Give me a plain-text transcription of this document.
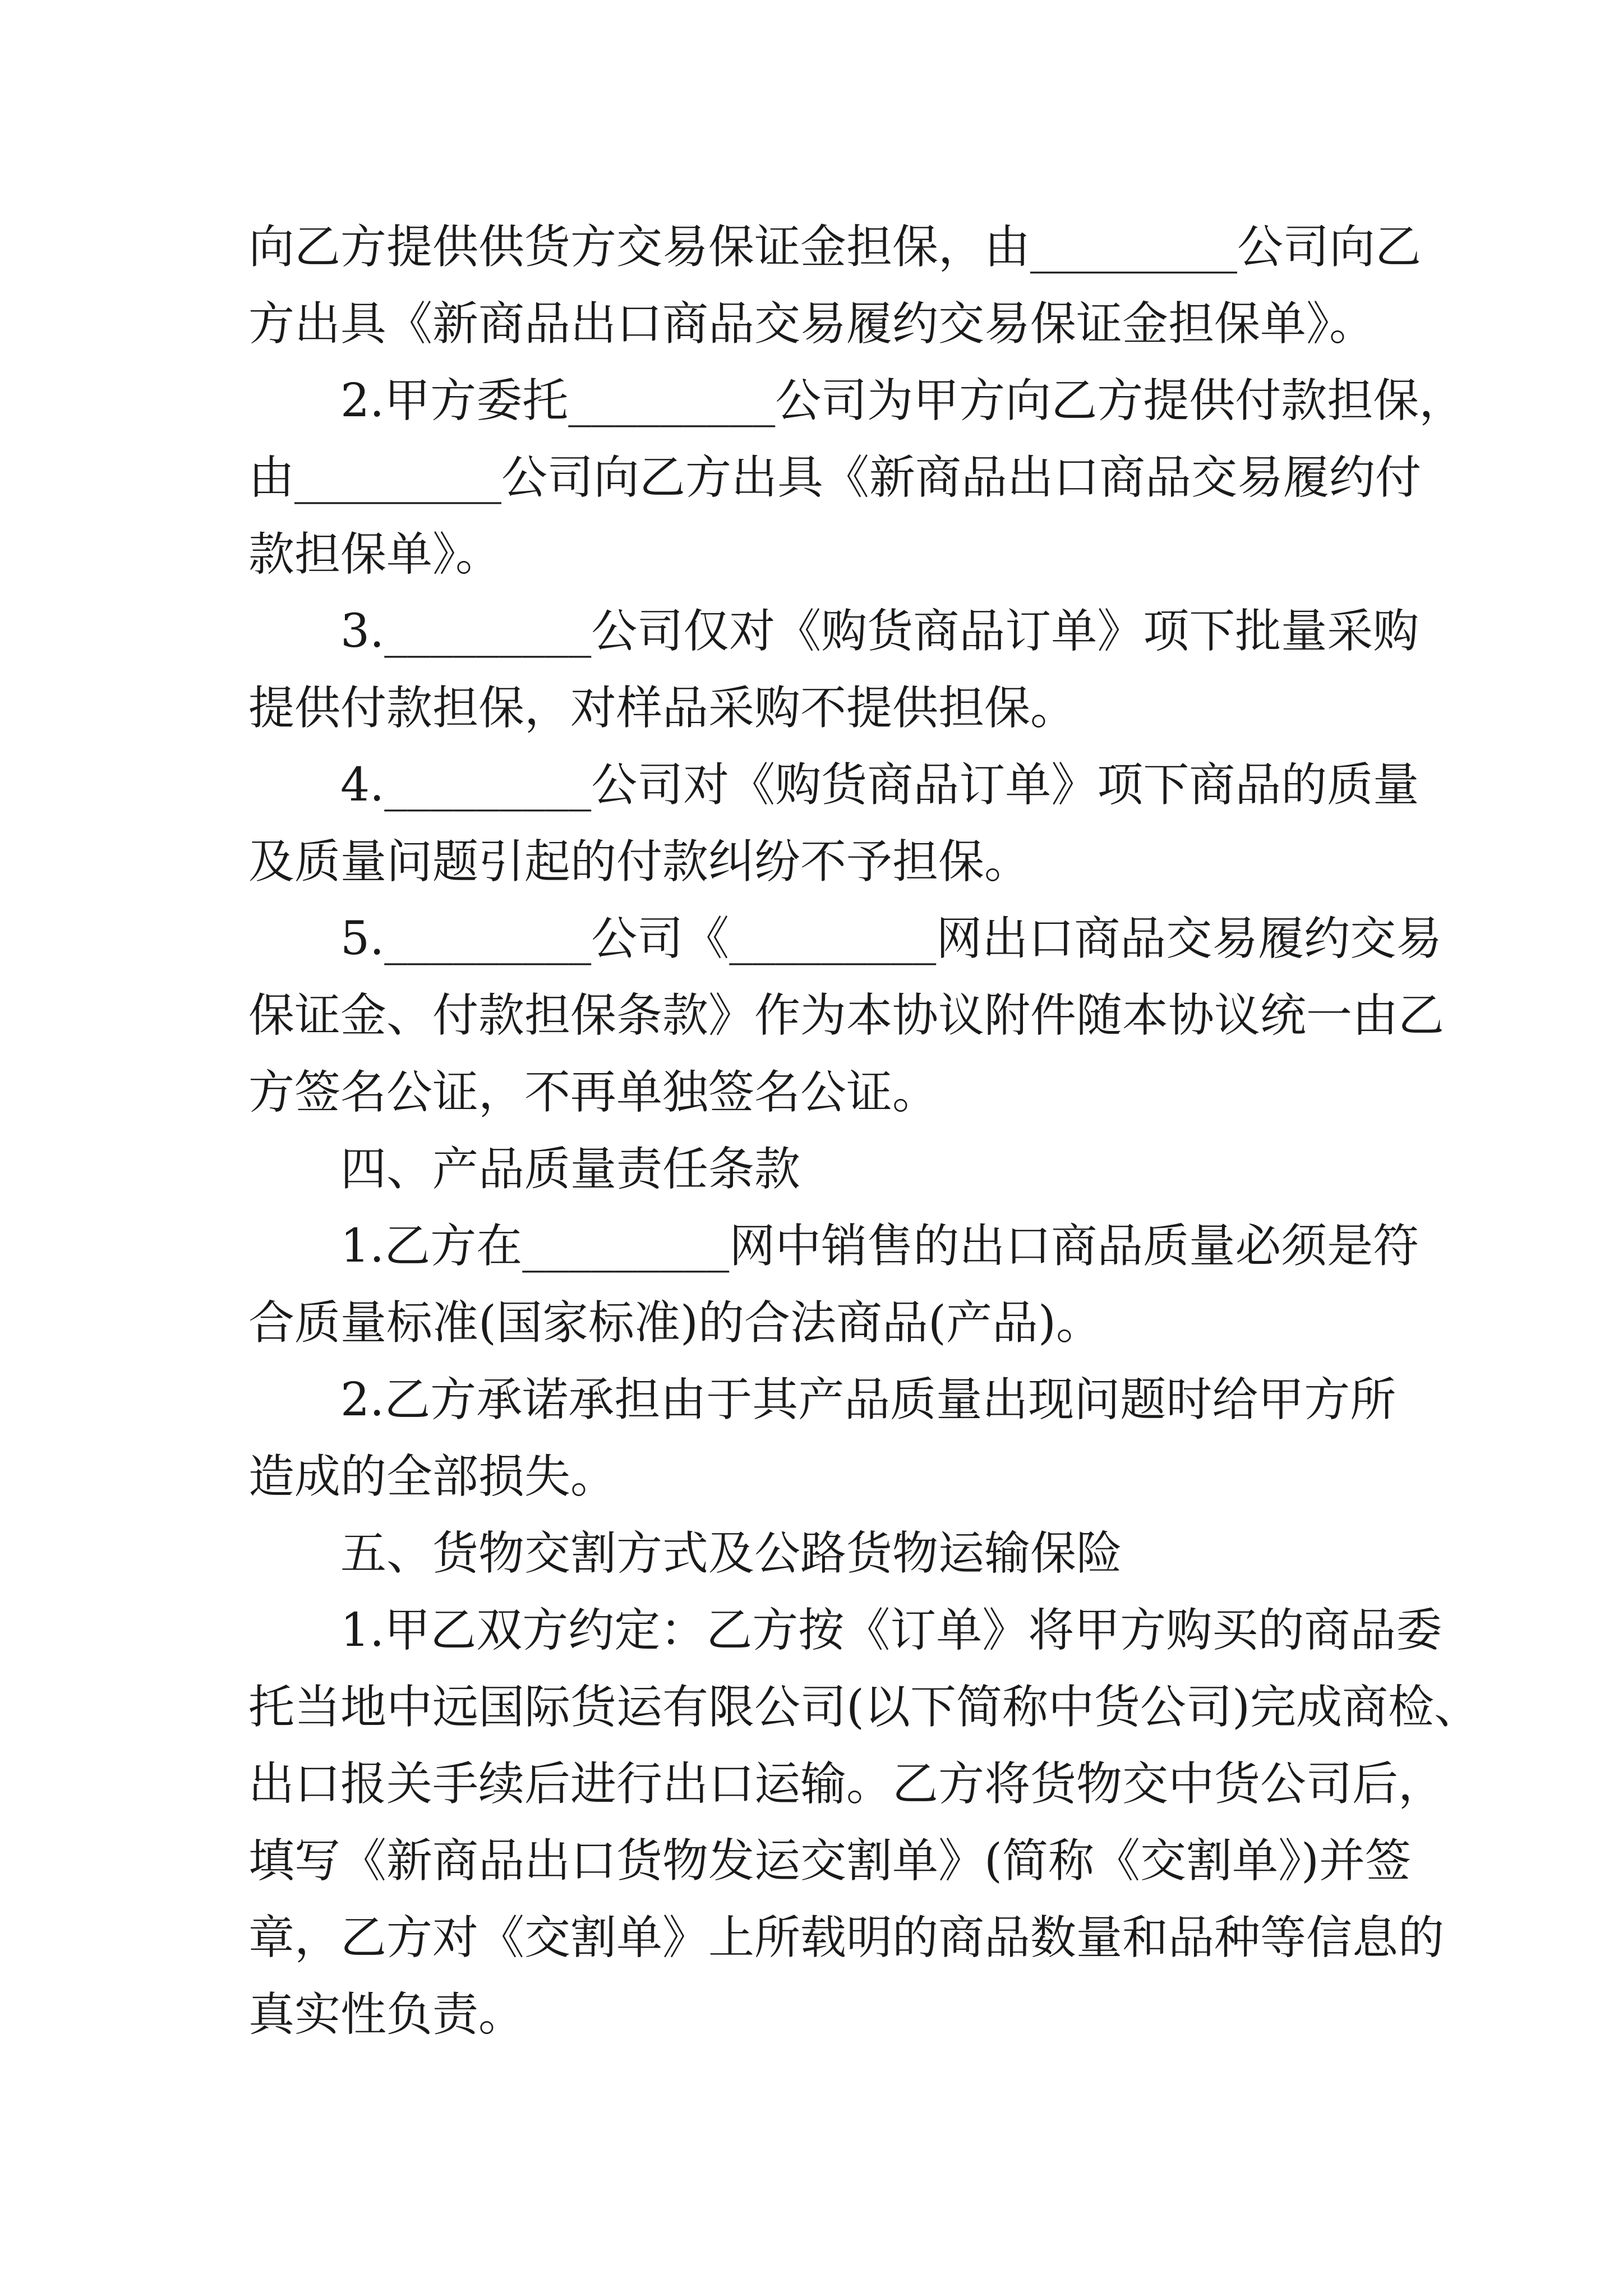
向乙方提供供货方交易保证金担保，由_________公司向乙
方出具《新商品出口商品交易履约交易保证金担保单》。

2.甲方委托_________公司为甲方向乙方提供付款担保，
由_________公司向乙方出具《新商品出口商品交易履约付
款担保单》。

3._________公司仅对《购货商品订单》项下批量采购
提供付款担保，对样品采购不提供担保。

4._________公司对《购货商品订单》项下商品的质量
及质量问题引起的付款纠纷不予担保。

5._________公司《_________网出口商品交易履约交易
保证金、付款担保条款》作为本协议附件随本协议统一由乙
方签名公证，不再单独签名公证。

四、产品质量责任条款

1.乙方在_________网中销售的出口商品质量必须是符
合质量标准(国家标准)的合法商品(产品)。

2.乙方承诺承担由于其产品质量出现问题时给甲方所
造成的全部损失。

五、货物交割方式及公路货物运输保险

1.甲乙双方约定：乙方按《订单》将甲方购买的商品委
托当地中远国际货运有限公司(以下简称中货公司)完成商检、
出口报关手续后进行出口运输。乙方将货物交中货公司后，
填写《新商品出口货物发运交割单》(简称《交割单》)并签
章，乙方对《交割单》上所载明的商品数量和品种等信息的
真实性负责。
